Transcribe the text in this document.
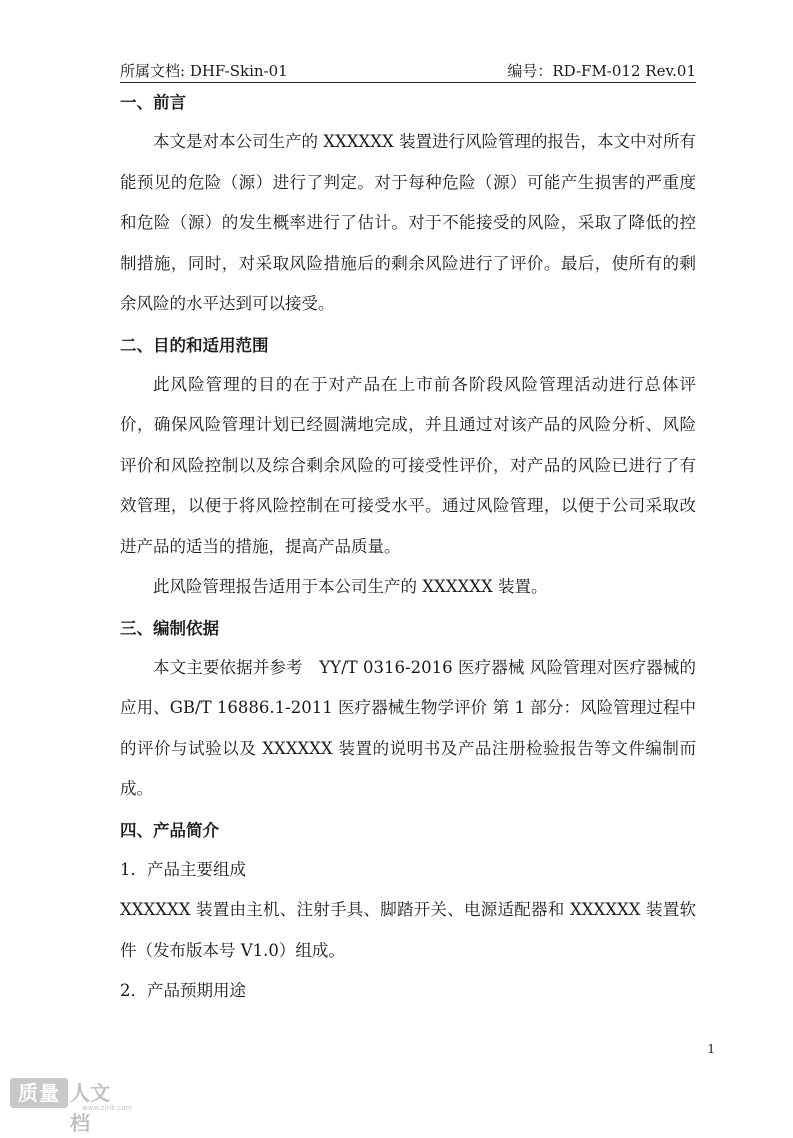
所属文档: DHF-Skin-01	编号：RD-FM-012 Rev.01
一、前言

本文是对本公司生产的 XXXXXX 装置进行风险管理的报告，本文中对所有能预见的危险（源）进行了判定。对于每种危险（源）可能产生损害的严重度和危险（源）的发生概率进行了估计。对于不能接受的风险，采取了降低的控制措施，同时，对采取风险措施后的剩余风险进行了评价。最后，使所有的剩余风险的水平达到可以接受。

二、目的和适用范围

此风险管理的目的在于对产品在上市前各阶段风险管理活动进行总体评价，确保风险管理计划已经圆满地完成，并且通过对该产品的风险分析、风险评价和风险控制以及综合剩余风险的可接受性评价，对产品的风险已进行了有效管理，以便于将风险控制在可接受水平。通过风险管理，以便于公司采取改进产品的适当的措施，提高产品质量。

此风险管理报告适用于本公司生产的 XXXXXX 装置。

三、编制依据

本文主要依据并参考　YY/T 0316-2016 医疗器械 风险管理对医疗器械的应用、GB/T 16886.1-2011 医疗器械生物学评价 第 1 部分：风险管理过程中的评价与试验以及 XXXXXX 装置的说明书及产品注册检验报告等文件编制而成。

四、产品简介

1．产品主要组成

XXXXXX 装置由主机、注射手具、脚踏开关、电源适配器和 XXXXXX 装置软件（发布版本号 V1.0）组成。

2．产品预期用途

1
质量 人文档
www.zlrlk.com
